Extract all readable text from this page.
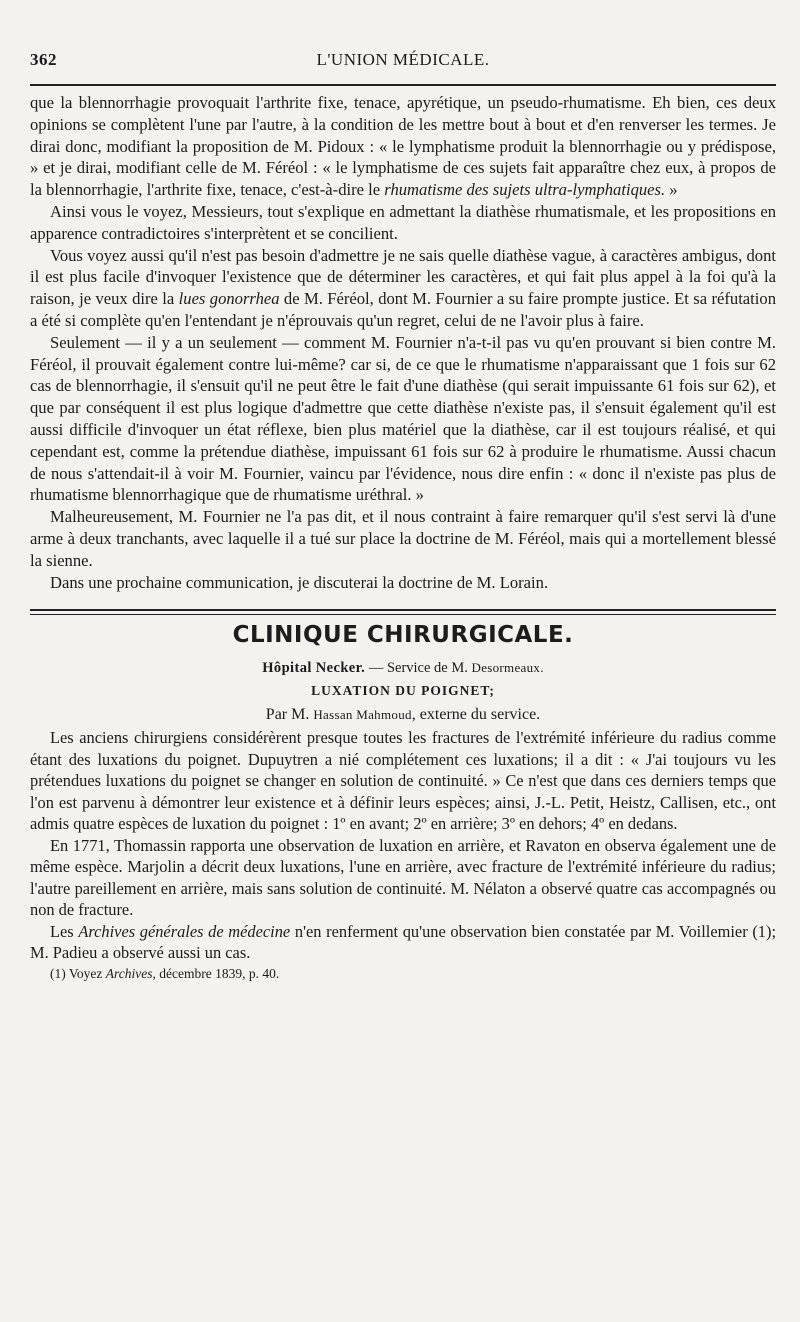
362	L'UNION MÉDICALE.

que la blennorrhagie provoquait l'arthrite fixe, tenace, apyrétique, un pseudo-rhumatisme. Eh bien, ces deux opinions se complètent l'une par l'autre, à la condition de les mettre bout à bout et d'en renverser les termes. Je dirai donc, modifiant la proposition de M. Pidoux : « le lymphatisme produit la blennorrhagie ou y prédispose, » et je dirai, modifiant celle de M. Féréol : « le lymphatisme de ces sujets fait apparaître chez eux, à propos de la blennorrhagie, l'arthrite fixe, tenace, c'est-à-dire le rhumatisme des sujets ultra-lymphatiques. »

Ainsi vous le voyez, Messieurs, tout s'explique en admettant la diathèse rhumatismale, et les propositions en apparence contradictoires s'interprètent et se concilient.

Vous voyez aussi qu'il n'est pas besoin d'admettre je ne sais quelle diathèse vague, à caractères ambigus, dont il est plus facile d'invoquer l'existence que de déterminer les caractères, et qui fait plus appel à la foi qu'à la raison, je veux dire la lues gonorrhea de M. Féréol, dont M. Fournier a su faire prompte justice. Et sa réfutation a été si complète qu'en l'entendant je n'éprouvais qu'un regret, celui de ne l'avoir plus à faire.

Seulement — il y a un seulement — comment M. Fournier n'a-t-il pas vu qu'en prouvant si bien contre M. Féréol, il prouvait également contre lui-même? car si, de ce que le rhumatisme n'apparaissant que 1 fois sur 62 cas de blennorrhagie, il s'ensuit qu'il ne peut être le fait d'une diathèse (qui serait impuissante 61 fois sur 62), et que par conséquent il est plus logique d'admettre que cette diathèse n'existe pas, il s'ensuit également qu'il est aussi difficile d'invoquer un état réflexe, bien plus matériel que la diathèse, car il est toujours réalisé, et qui cependant est, comme la prétendue diathèse, impuissant 61 fois sur 62 à produire le rhumatisme. Aussi chacun de nous s'attendait-il à voir M. Fournier, vaincu par l'évidence, nous dire enfin : « donc il n'existe pas plus de rhumatisme blennorrhagique que de rhumatisme uréthral. »

Malheureusement, M. Fournier ne l'a pas dit, et il nous contraint à faire remarquer qu'il s'est servi là d'une arme à deux tranchants, avec laquelle il a tué sur place la doctrine de M. Féréol, mais qui a mortellement blessé la sienne.

Dans une prochaine communication, je discuterai la doctrine de M. Lorain.

CLINIQUE CHIRURGICALE.

Hôpital Necker. — Service de M. Desormeaux.

LUXATION DU POIGNET;

Par M. Hassan Mahmoud, externe du service.

Les anciens chirurgiens considérèrent presque toutes les fractures de l'extrémité inférieure du radius comme étant des luxations du poignet. Dupuytren a nié complétement ces luxations; il a dit : « J'ai toujours vu les prétendues luxations du poignet se changer en solution de continuité. » Ce n'est que dans ces derniers temps que l'on est parvenu à démontrer leur existence et à définir leurs espèces; ainsi, J.-L. Petit, Heistz, Callisen, etc., ont admis quatre espèces de luxation du poignet : 1º en avant; 2º en arrière; 3º en dehors; 4º en dedans.

En 1771, Thomassin rapporta une observation de luxation en arrière, et Ravaton en observa également une de même espèce. Marjolin a décrit deux luxations, l'une en arrière, avec fracture de l'extrémité inférieure du radius; l'autre pareillement en arrière, mais sans solution de continuité. M. Nélaton a observé quatre cas accompagnés ou non de fracture.

Les Archives générales de médecine n'en renferment qu'une observation bien constatée par M. Voillemier (1); M. Padieu a observé aussi un cas.

(1) Voyez Archives, décembre 1839, p. 40.
